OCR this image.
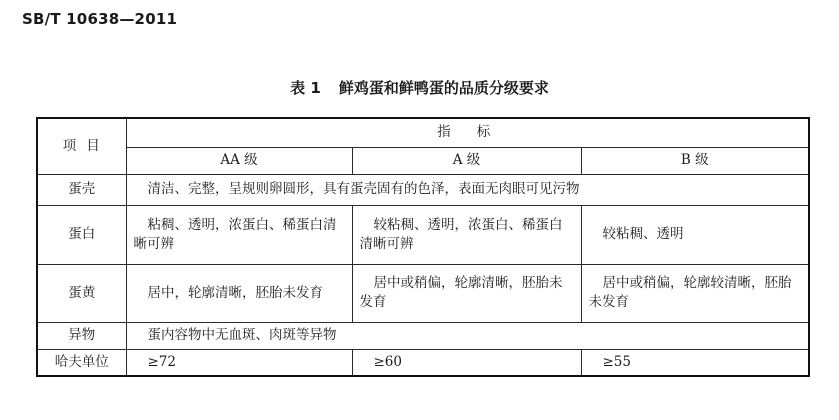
SB/T 10638—2011
表 1 鲜鸡蛋和鲜鸭蛋的品质分级要求
项目	指标		
	AA 级	A 级	B 级
蛋壳	清洁、完整，呈规则卵圆形，具有蛋壳固有的色泽，表面无肉眼可见污物		
蛋白	粘稠、透明，浓蛋白、稀蛋白清晰可辨	较粘稠、透明，浓蛋白、稀蛋白清晰可辨	较粘稠、透明
蛋黄	居中，轮廓清晰，胚胎未发育	居中或稍偏，轮廓清晰，胚胎未发育	居中或稍偏，轮廓较清晰，胚胎未发育
异物	蛋内容物中无血斑、肉斑等异物		
哈夫单位	≥72	≥60	≥55
